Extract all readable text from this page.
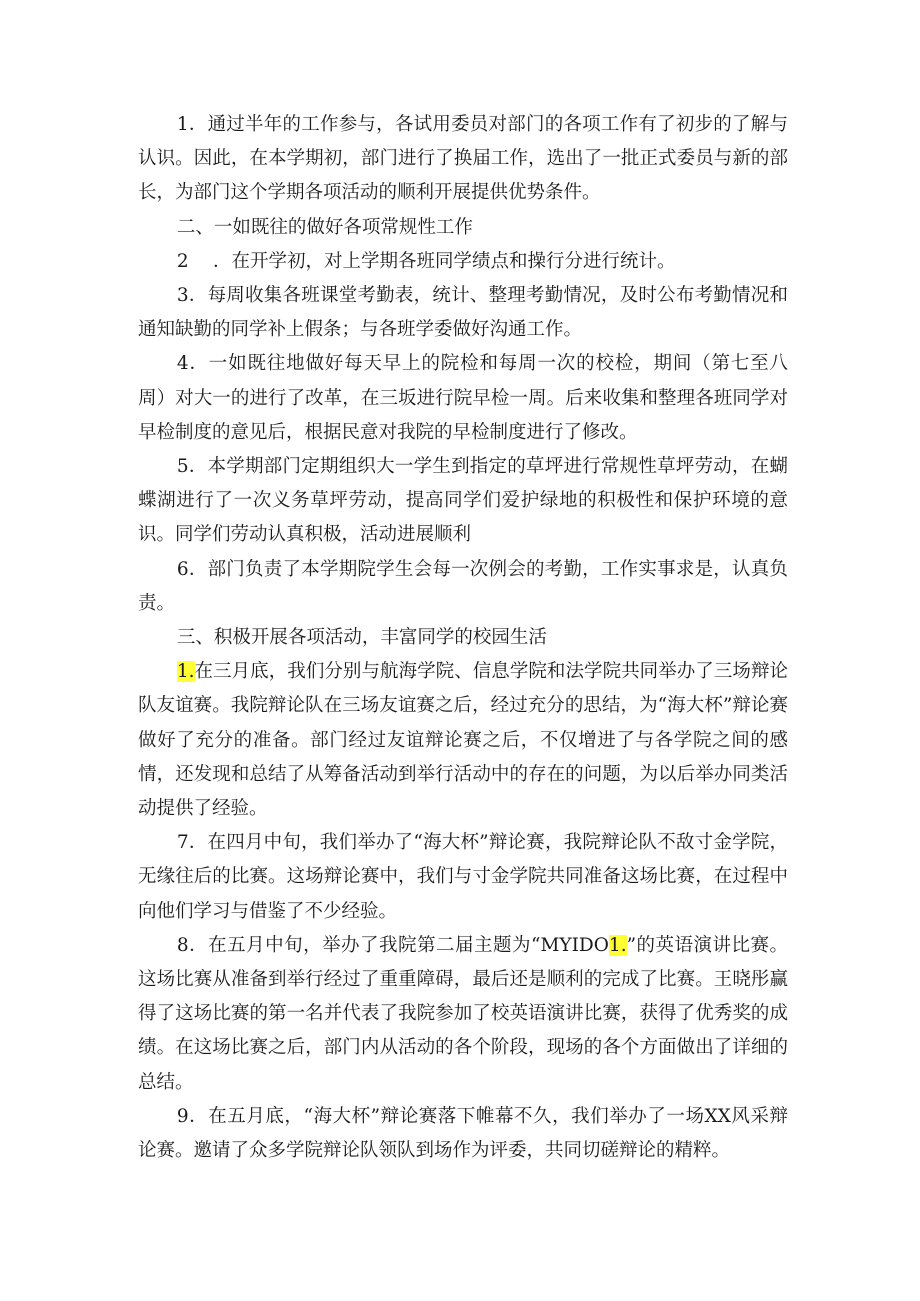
1．通过半年的工作参与，各试用委员对部门的各项工作有了初步的了解与认识。因此，在本学期初，部门进行了换届工作，选出了一批正式委员与新的部长，为部门这个学期各项活动的顺利开展提供优势条件。

二、一如既往的做好各项常规性工作

2 　．在开学初，对上学期各班同学绩点和操行分进行统计。

3．每周收集各班课堂考勤表，统计、整理考勤情况，及时公布考勤情况和通知缺勤的同学补上假条；与各班学委做好沟通工作。

4．一如既往地做好每天早上的院检和每周一次的校检，期间（第七至八周）对大一的进行了改革，在三坂进行院早检一周。后来收集和整理各班同学对早检制度的意见后，根据民意对我院的早检制度进行了修改。

5．本学期部门定期组织大一学生到指定的草坪进行常规性草坪劳动，在蝴蝶湖进行了一次义务草坪劳动，提高同学们爱护绿地的积极性和保护环境的意识。同学们劳动认真积极，活动进展顺利

6．部门负责了本学期院学生会每一次例会的考勤，工作实事求是，认真负责。

三、积极开展各项活动，丰富同学的校园生活

1.在三月底，我们分别与航海学院、信息学院和法学院共同举办了三场辩论队友谊赛。我院辩论队在三场友谊赛之后，经过充分的思结，为“海大杯”辩论赛做好了充分的准备。部门经过友谊辩论赛之后，不仅增进了与各学院之间的感情，还发现和总结了从筹备活动到举行活动中的存在的问题，为以后举办同类活动提供了经验。

7．在四月中旬，我们举办了“海大杯”辩论赛，我院辩论队不敌寸金学院，无缘往后的比赛。这场辩论赛中，我们与寸金学院共同准备这场比赛，在过程中向他们学习与借鉴了不少经验。

8．在五月中旬，举办了我院第二届主题为“MYIDO1.”的英语演讲比赛。这场比赛从准备到举行经过了重重障碍，最后还是顺利的完成了比赛。王晓彤赢得了这场比赛的第一名并代表了我院参加了校英语演讲比赛，获得了优秀奖的成绩。在这场比赛之后，部门内从活动的各个阶段，现场的各个方面做出了详细的总结。

9．在五月底，“海大杯”辩论赛落下帷幕不久，我们举办了一场XX风采辩论赛。邀请了众多学院辩论队领队到场作为评委，共同切磋辩论的精粹。
